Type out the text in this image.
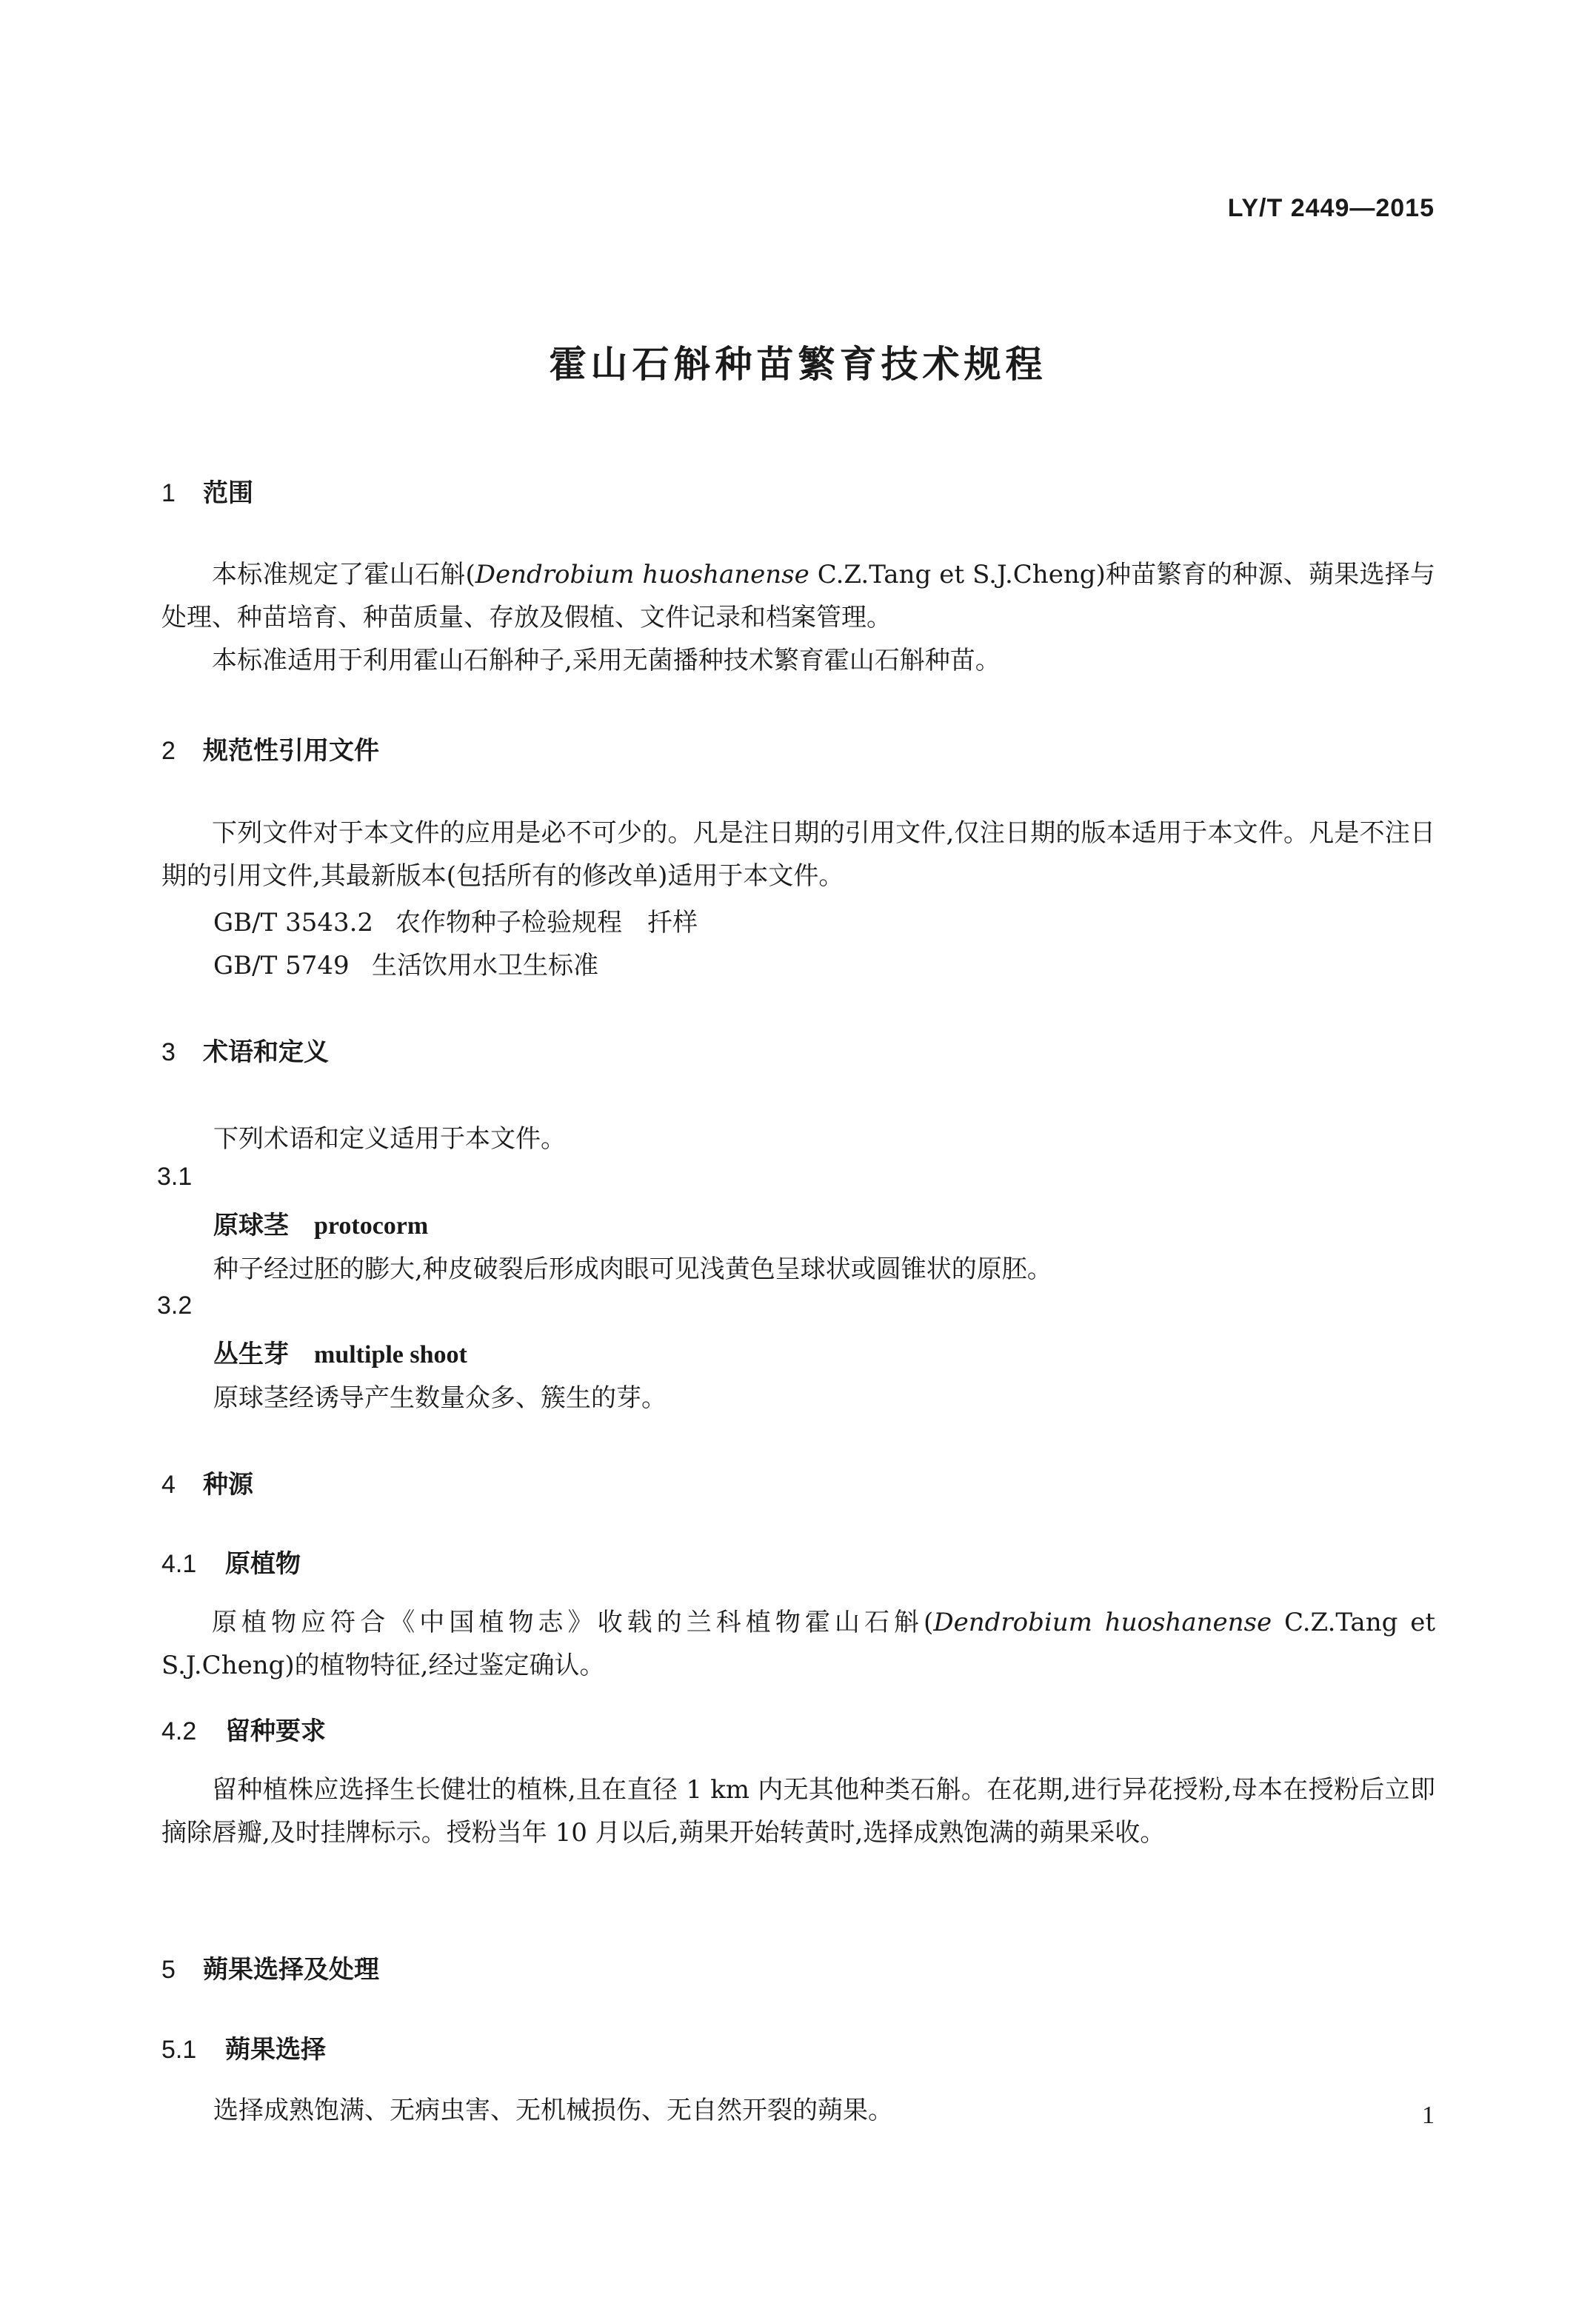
LY/T 2449—2015
霍山石斛种苗繁育技术规程
1 范围
本标准规定了霍山石斛(Dendrobium huoshanense C.Z.Tang et S.J.Cheng)种苗繁育的种源、蒴果选择与处理、种苗培育、种苗质量、存放及假植、文件记录和档案管理。
本标准适用于利用霍山石斛种子,采用无菌播种技术繁育霍山石斛种苗。
2 规范性引用文件
下列文件对于本文件的应用是必不可少的。凡是注日期的引用文件,仅注日期的版本适用于本文件。凡是不注日期的引用文件,其最新版本(包括所有的修改单)适用于本文件。
GB/T 3543.2 农作物种子检验规程 扦样
GB/T 5749 生活饮用水卫生标准
3 术语和定义
下列术语和定义适用于本文件。
3.1
原球茎 protocorm
种子经过胚的膨大,种皮破裂后形成肉眼可见浅黄色呈球状或圆锥状的原胚。
3.2
丛生芽 multiple shoot
原球茎经诱导产生数量众多、簇生的芽。
4 种源
4.1 原植物
原植物应符合《中国植物志》收载的兰科植物霍山石斛(Dendrobium huoshanense C.Z.Tang et S.J.Cheng)的植物特征,经过鉴定确认。
4.2 留种要求
留种植株应选择生长健壮的植株,且在直径 1 km 内无其他种类石斛。在花期,进行异花授粉,母本在授粉后立即摘除唇瓣,及时挂牌标示。授粉当年 10 月以后,蒴果开始转黄时,选择成熟饱满的蒴果采收。
5 蒴果选择及处理
5.1 蒴果选择
选择成熟饱满、无病虫害、无机械损伤、无自然开裂的蒴果。	1
